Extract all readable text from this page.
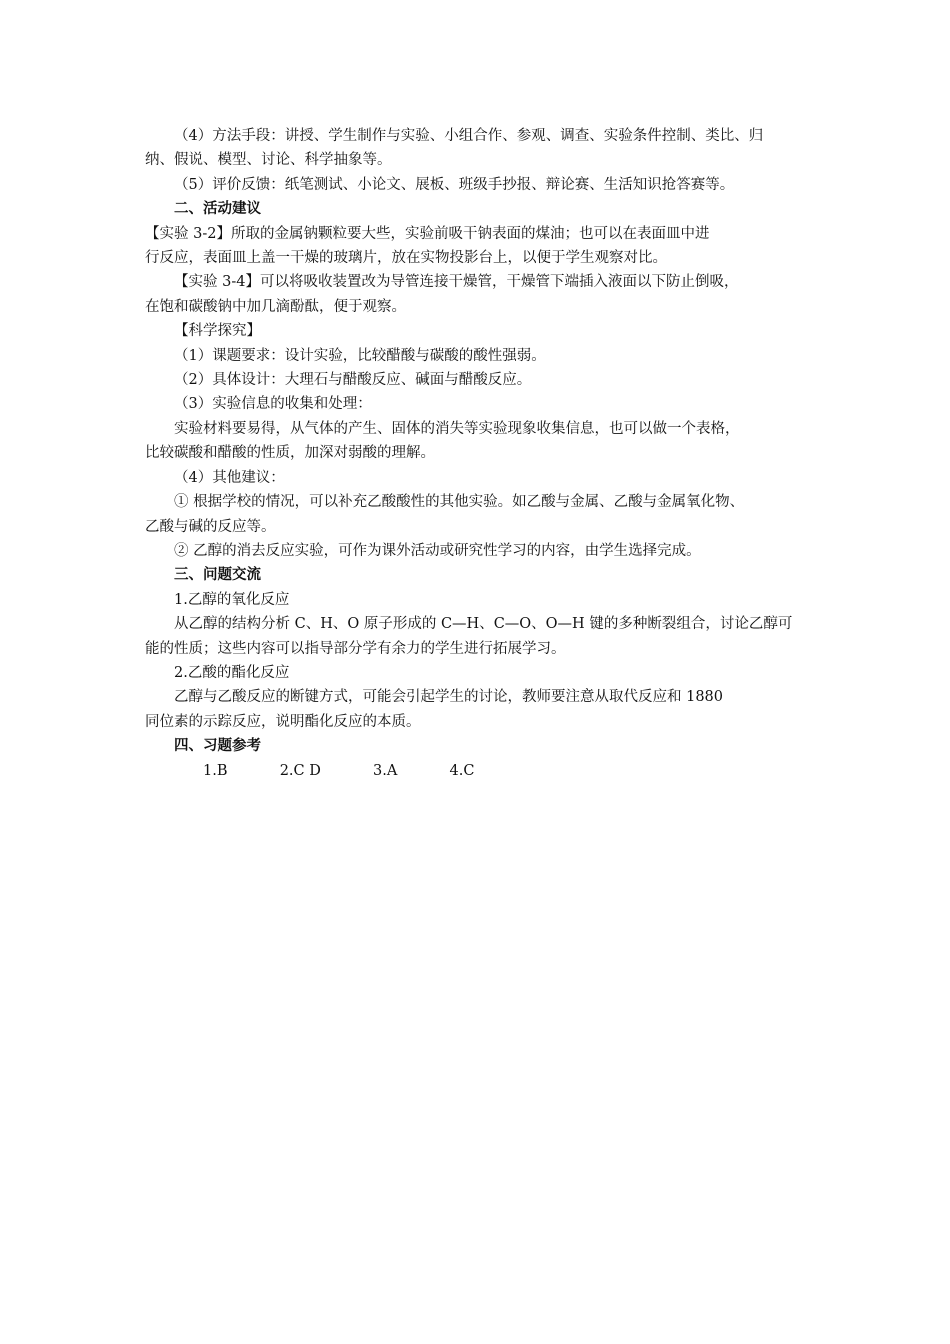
（4）方法手段：讲授、学生制作与实验、小组合作、参观、调查、实验条件控制、类比、归

纳、假说、模型、讨论、科学抽象等。

（5）评价反馈：纸笔测试、小论文、展板、班级手抄报、辩论赛、生活知识抢答赛等。

二、活动建议

【实验 3-2】所取的金属钠颗粒要大些，实验前吸干钠表面的煤油；也可以在表面皿中进

行反应，表面皿上盖一干燥的玻璃片，放在实物投影台上，以便于学生观察对比。

【实验 3-4】可以将吸收装置改为导管连接干燥管，干燥管下端插入液面以下防止倒吸，

在饱和碳酸钠中加几滴酚酞，便于观察。

【科学探究】

（1）课题要求：设计实验，比较醋酸与碳酸的酸性强弱。

（2）具体设计：大理石与醋酸反应、碱面与醋酸反应。

（3）实验信息的收集和处理：

实验材料要易得，从气体的产生、固体的消失等实验现象收集信息，也可以做一个表格，

比较碳酸和醋酸的性质，加深对弱酸的理解。

（4）其他建议：

① 根据学校的情况，可以补充乙酸酸性的其他实验。如乙酸与金属、乙酸与金属氧化物、

乙酸与碱的反应等。

② 乙醇的消去反应实验，可作为课外活动或研究性学习的内容，由学生选择完成。

三、问题交流

1.乙醇的氧化反应

从乙醇的结构分析 C、H、O 原子形成的 C—H、C—O、O—H 键的多种断裂组合，讨论乙醇可

能的性质；这些内容可以指导部分学有余力的学生进行拓展学习。

2.乙酸的酯化反应

乙醇与乙酸反应的断键方式，可能会引起学生的讨论，教师要注意从取代反应和 1880

同位素的示踪反应，说明酯化反应的本质。

四、习题参考

1.B	2.C D	3.A	4.C
